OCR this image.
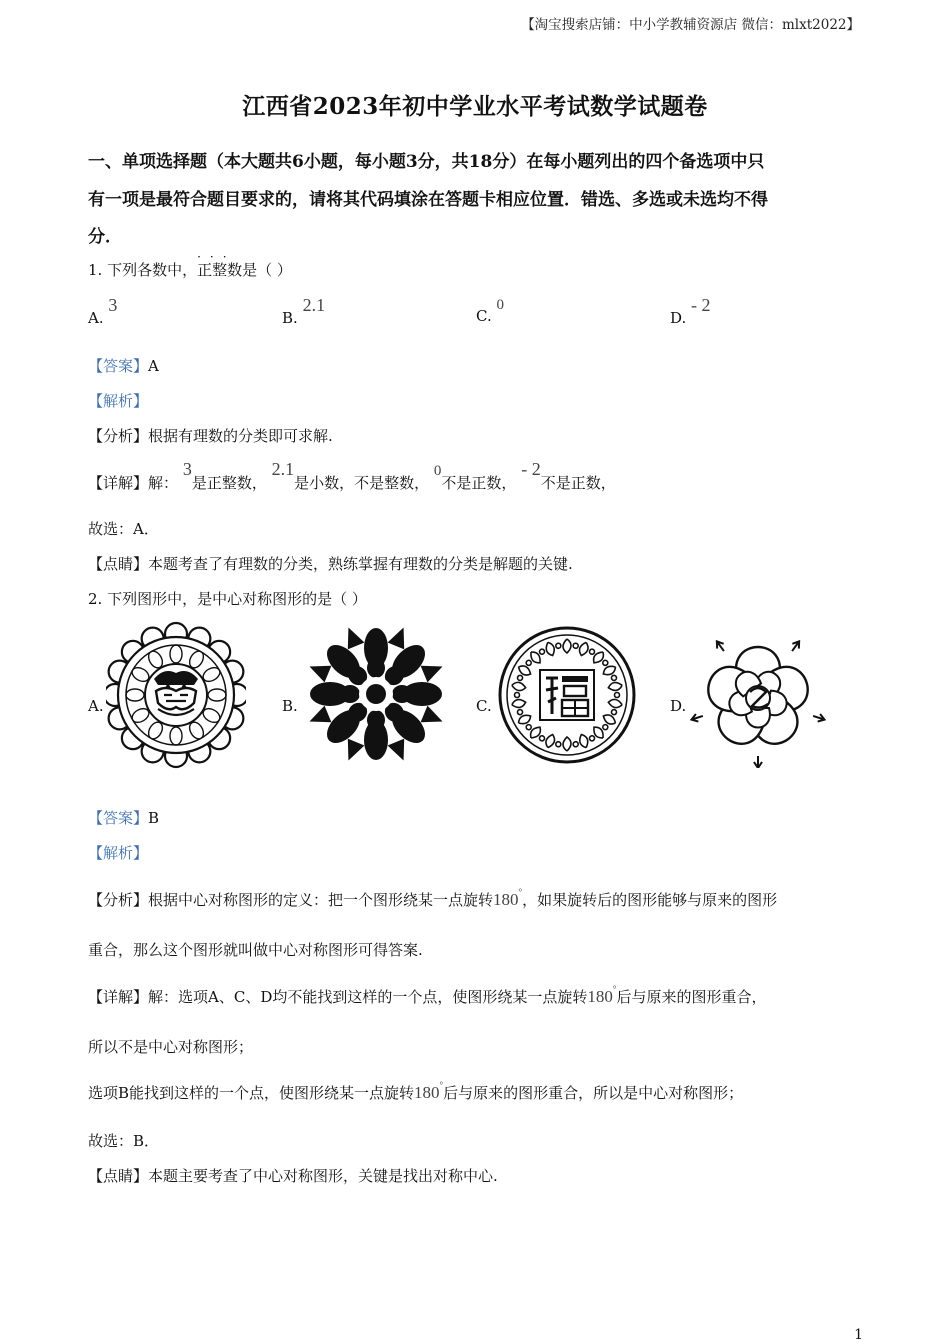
【淘宝搜索店铺：中小学教辅资源店 微信：mlxt2022】
江西省2023年初中学业水平考试数学试题卷
一、单项选择题（本大题共6小题，每小题3分，共18分）在每小题列出的四个备选项中只
有一项是最符合题目要求的，请将其代码填涂在答题卡相应位置．错选、多选或未选均不得
分．
1. 下列各数中，
···
正整数是（ ）
A. 3
B. 2.1
C. 0
D. - 2
【答案】A
【解析】
【分析】根据有理数的分类即可求解.
【详解】解： 3是正整数， 2.1是小数，不是整数， 0不是正数， - 2不是正数，
故选：A．
【点睛】本题考查了有理数的分类，熟练掌握有理数的分类是解题的关键.
2. 下列图形中，是中心对称图形的是（ ）
A.	B.	C.	D.
【答案】B
【解析】
【分析】根据中心对称图形的定义：把一个图形绕某一点旋转180°，如果旋转后的图形能够与原来的图形
重合，那么这个图形就叫做中心对称图形可得答案.
【详解】解：选项A、C、D均不能找到这样的一个点，使图形绕某一点旋转180°后与原来的图形重合，
所以不是中心对称图形；
选项B能找到这样的一个点，使图形绕某一点旋转180°后与原来的图形重合，所以是中心对称图形；
故选：B．
【点睛】本题主要考查了中心对称图形，关键是找出对称中心.
1
